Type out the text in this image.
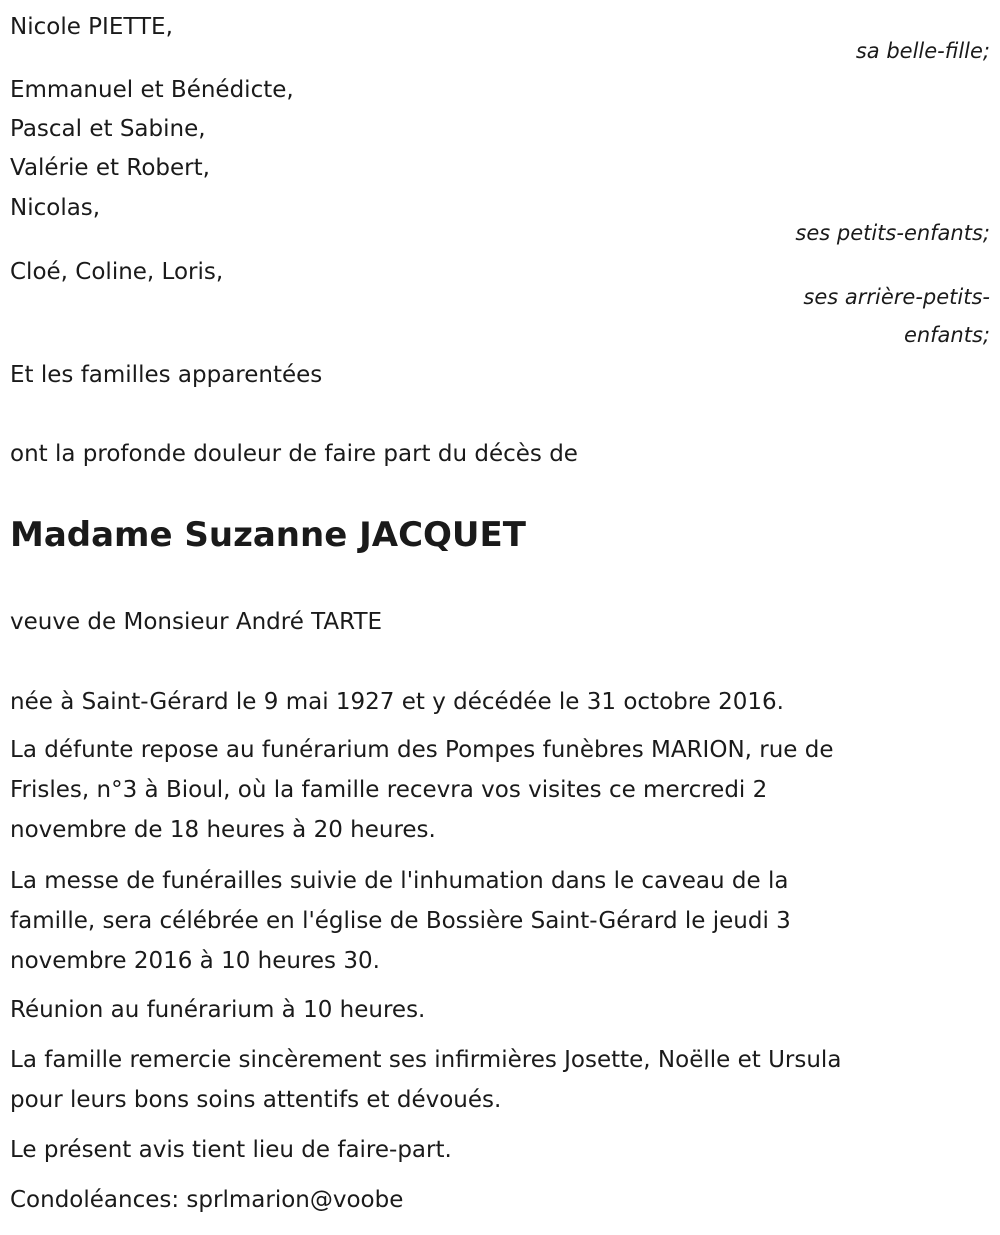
Nicole PIETTE,
sa belle-fille;
Emmanuel et Bénédicte,
Pascal et Sabine,
Valérie et Robert,
Nicolas,
ses petits-enfants;
Cloé, Coline, Loris,
ses arrière-petits-
enfants;
Et les familles apparentées
ont la profonde douleur de faire part du décès de
Madame Suzanne JACQUET
veuve de Monsieur André TARTE
née à Saint-Gérard le 9 mai 1927 et y décédée le 31 octobre 2016.
La défunte repose au funérarium des Pompes funèbres MARION, rue de
Frisles, n°3 à Bioul, où la famille recevra vos visites ce mercredi 2
novembre de 18 heures à 20 heures.
La messe de funérailles suivie de l'inhumation dans le caveau de la
famille, sera célébrée en l'église de Bossière Saint-Gérard le jeudi 3
novembre 2016 à 10 heures 30.
Réunion au funérarium à 10 heures.
La famille remercie sincèrement ses infirmières Josette, Noëlle et Ursula
pour leurs bons soins attentifs et dévoués.
Le présent avis tient lieu de faire-part.
Condoléances: sprlmarion@voobe
